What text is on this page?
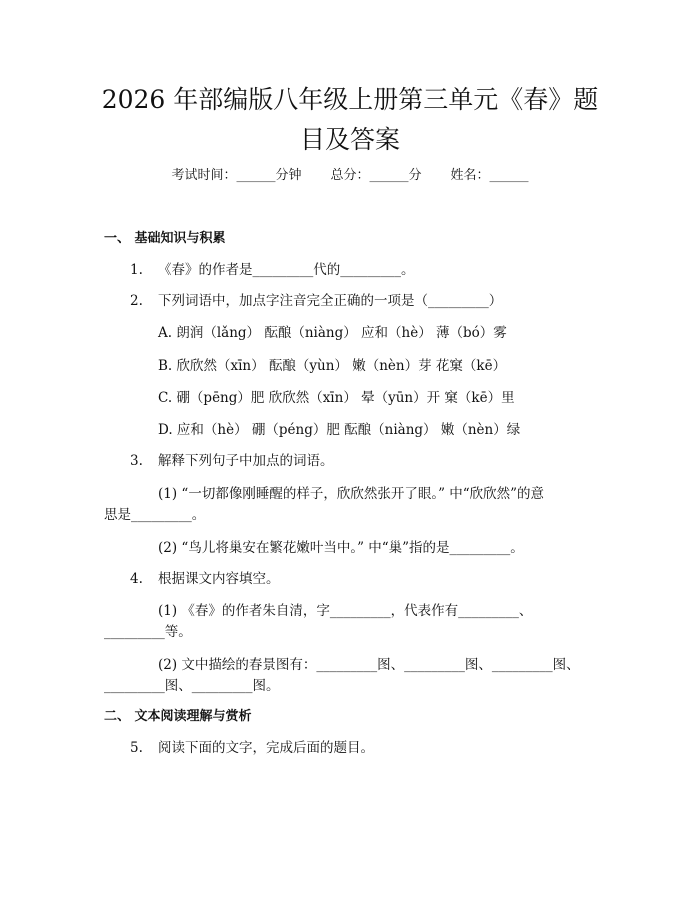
2026 年部编版八年级上册第三单元《春》题
目及答案
考试时间：______分钟 总分：______分 姓名：______
一、 基础知识与积累
1. 《春》的作者是_________代的_________。
2. 下列词语中，加点字注音完全正确的一项是（_________）
A. 朗润（lǎng） 酝酿（niàng） 应和（hè） 薄（bó）雾
B. 欣欣然（xīn） 酝酿（yùn） 嫩（nèn）芽 花窠（kē）
C. 硼（pēng）肥 欣欣然（xīn） 晕（yūn）开 窠（kē）里
D. 应和（hè） 硼（péng）肥 酝酿（niàng） 嫩（nèn）绿
3. 解释下列句子中加点的词语。
(1) “一切都像刚睡醒的样子，欣欣然张开了眼。” 中“欣欣然”的意
思是_________。
(2) “鸟儿将巢安在繁花嫩叶当中。” 中“巢”指的是_________。
4. 根据课文内容填空。
(1) 《春》的作者朱自清，字_________，代表作有_________、
_________等。
(2) 文中描绘的春景图有：_________图、_________图、_________图、
_________图、_________图。
二、 文本阅读理解与赏析
5. 阅读下面的文字，完成后面的题目。
